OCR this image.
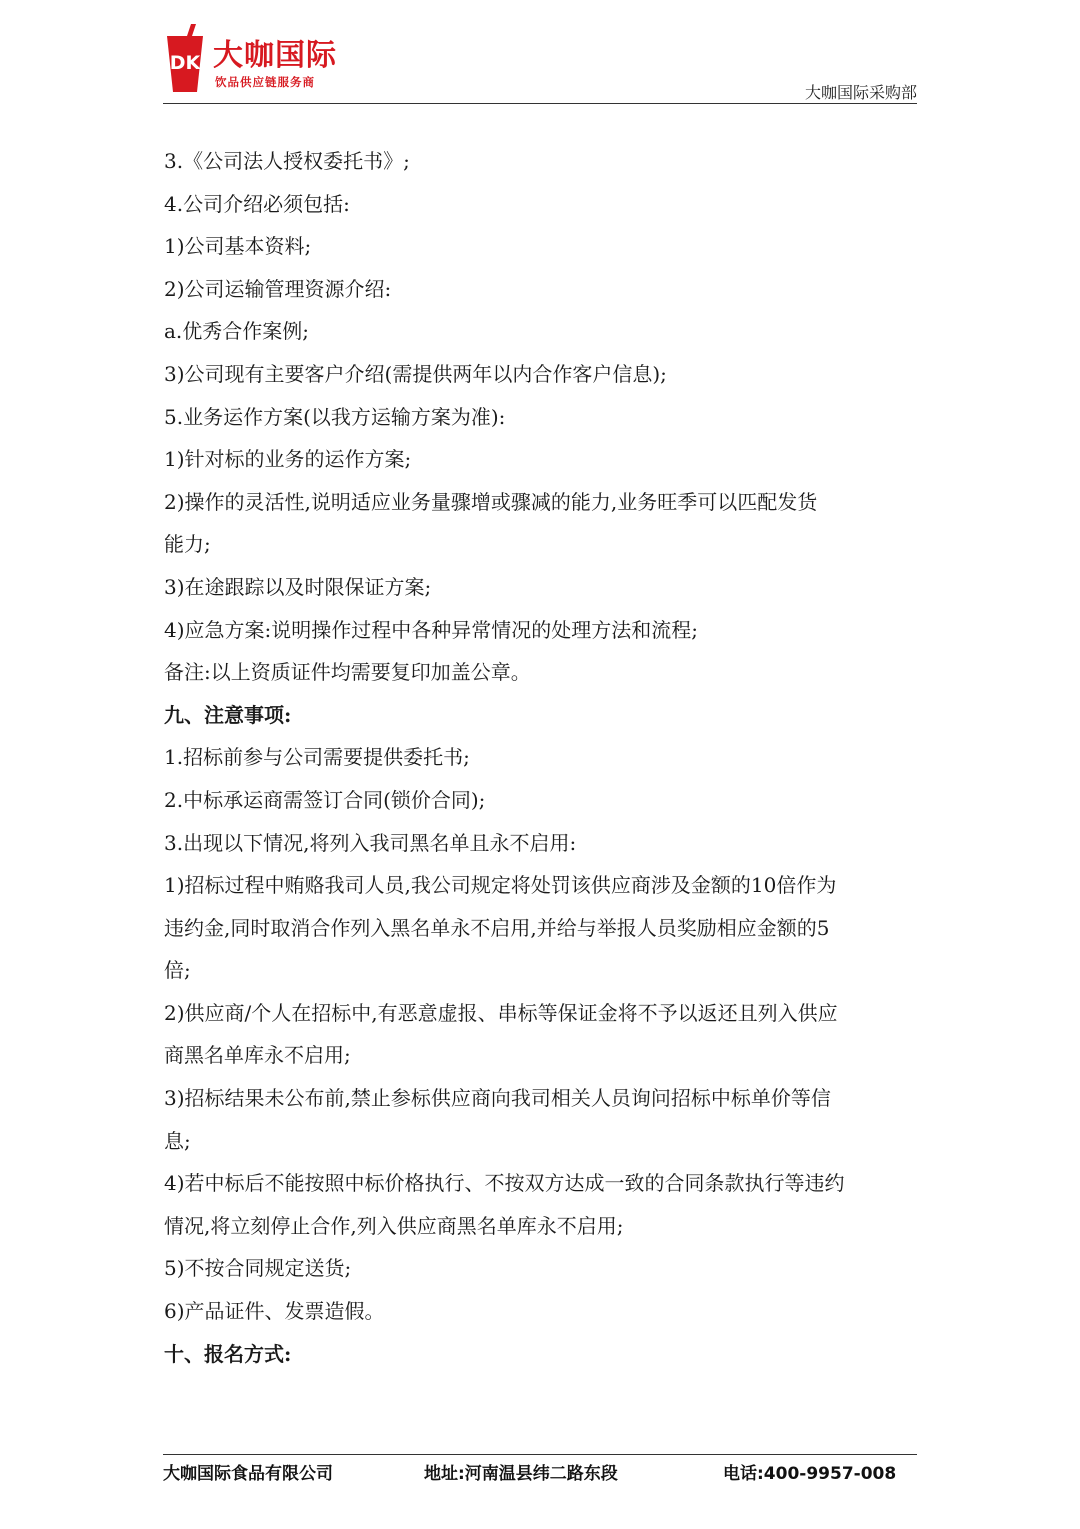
DK 大咖国际
饮品供应链服务商
大咖国际采购部
3.《公司法人授权委托书》;
4.公司介绍必须包括:
1)公司基本资料;
2)公司运输管理资源介绍:
a.优秀合作案例;
3)公司现有主要客户介绍(需提供两年以内合作客户信息);
5.业务运作方案(以我方运输方案为准):
1)针对标的业务的运作方案;
2)操作的灵活性,说明适应业务量骤增或骤减的能力,业务旺季可以匹配发货
能力;
3)在途跟踪以及时限保证方案;
4)应急方案:说明操作过程中各种异常情况的处理方法和流程;
备注:以上资质证件均需要复印加盖公章。
九、注意事项:
1.招标前参与公司需要提供委托书;
2.中标承运商需签订合同(锁价合同);
3.出现以下情况,将列入我司黑名单且永不启用:
1)招标过程中贿赂我司人员,我公司规定将处罚该供应商涉及金额的10倍作为
违约金,同时取消合作列入黑名单永不启用,并给与举报人员奖励相应金额的5
倍;
2)供应商/个人在招标中,有恶意虚报、串标等保证金将不予以返还且列入供应
商黑名单库永不启用;
3)招标结果未公布前,禁止参标供应商向我司相关人员询问招标中标单价等信
息;
4)若中标后不能按照中标价格执行、不按双方达成一致的合同条款执行等违约
情况,将立刻停止合作,列入供应商黑名单库永不启用;
5)不按合同规定送货;
6)产品证件、发票造假。
十、报名方式:
大咖国际食品有限公司	地址:河南温县纬二路东段	电话:400-9957-008
